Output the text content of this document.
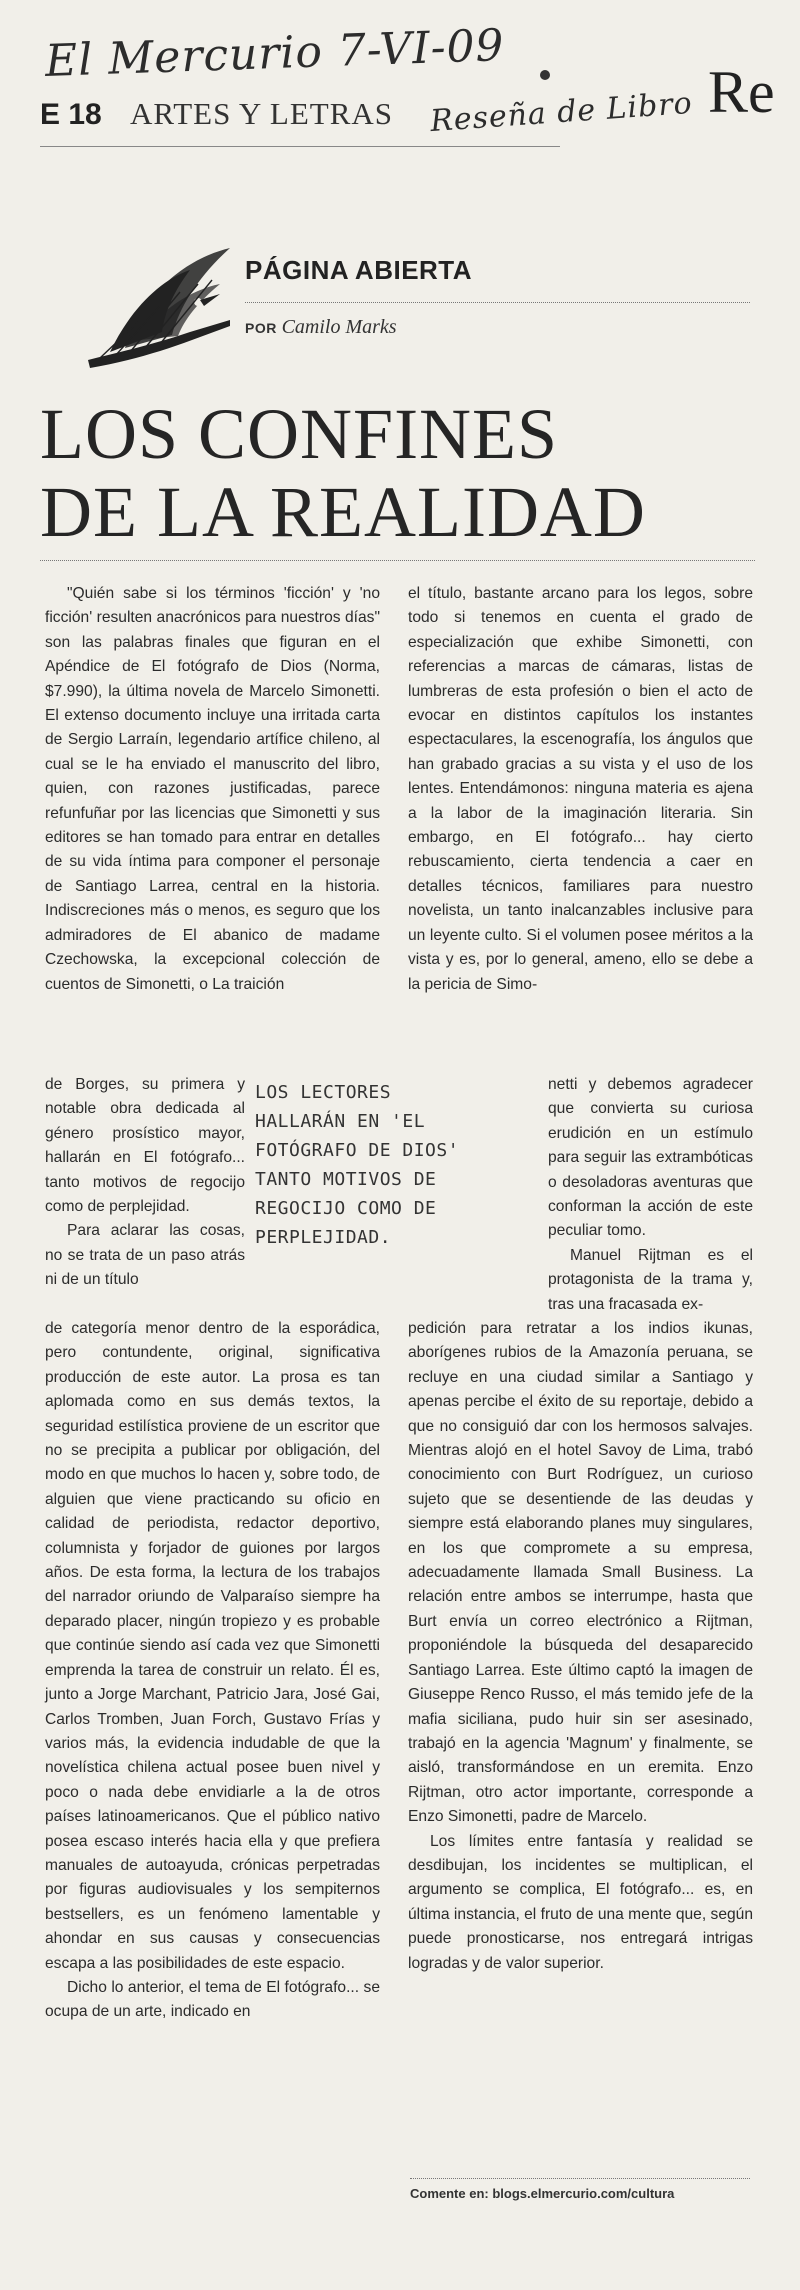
El Mercurio 7-VI-09
Re
E 18 ARTES Y LETRAS Reseña de Libro
PÁGINA ABIERTA
POR Camilo Marks
LOS CONFINES
DE LA REALIDAD

"Quién sabe si los términos 'ficción' y 'no ficción' resulten anacrónicos para nuestros días" son las palabras finales que figuran en el Apéndice de El fotógrafo de Dios (Norma, $7.990), la última novela de Marcelo Simonetti. El extenso documento incluye una irritada carta de Sergio Larraín, legendario artífice chileno, al cual se le ha enviado el manuscrito del libro, quien, con razones justificadas, parece refunfuñar por las licencias que Simonetti y sus editores se han tomado para entrar en detalles de su vida íntima para componer el personaje de Santiago Larrea, central en la historia. Indiscreciones más o menos, es seguro que los admiradores de El abanico de madame Czechowska, la excepcional colección de cuentos de Simonetti, o La traición

de Borges, su primera y notable obra dedicada al género prosístico mayor, hallarán en El fotógrafo... tanto motivos de regocijo como de perplejidad.

Para aclarar las cosas, no se trata de un paso atrás ni de un título

LOS LECTORES HALLARÁN EN 'EL FOTÓGRAFO DE DIOS' TANTO MOTIVOS DE REGOCIJO COMO DE PERPLEJIDAD.

de categoría menor dentro de la esporádica, pero contundente, original, significativa producción de este autor. La prosa es tan aplomada como en sus demás textos, la seguridad estilística proviene de un escritor que no se precipita a publicar por obligación, del modo en que muchos lo hacen y, sobre todo, de alguien que viene practicando su oficio en calidad de periodista, redactor deportivo, columnista y forjador de guiones por largos años. De esta forma, la lectura de los trabajos del narrador oriundo de Valparaíso siempre ha deparado placer, ningún tropiezo y es probable que continúe siendo así cada vez que Simonetti emprenda la tarea de construir un relato. Él es, junto a Jorge Marchant, Patricio Jara, José Gai, Carlos Tromben, Juan Forch, Gustavo Frías y varios más, la evidencia indudable de que la novelística chilena actual posee buen nivel y poco o nada debe envidiarle a la de otros países latinoamericanos. Que el público nativo posea escaso interés hacia ella y que prefiera manuales de autoayuda, crónicas perpetradas por figuras audiovisuales y los sempiternos bestsellers, es un fenómeno lamentable y ahondar en sus causas y consecuencias escapa a las posibilidades de este espacio.

Dicho lo anterior, el tema de El fotógrafo... se ocupa de un arte, indicado en

el título, bastante arcano para los legos, sobre todo si tenemos en cuenta el grado de especialización que exhibe Simonetti, con referencias a marcas de cámaras, listas de lumbreras de esta profesión o bien el acto de evocar en distintos capítulos los instantes espectaculares, la escenografía, los ángulos que han grabado gracias a su vista y el uso de los lentes. Entendámonos: ninguna materia es ajena a la labor de la imaginación literaria. Sin embargo, en El fotógrafo... hay cierto rebuscamiento, cierta tendencia a caer en detalles técnicos, familiares para nuestro novelista, un tanto inalcanzables inclusive para un leyente culto. Si el volumen posee méritos a la vista y es, por lo general, ameno, ello se debe a la pericia de Simo-

netti y debemos agradecer que convierta su curiosa erudición en un estímulo para seguir las extrambóticas o desoladoras aventuras que conforman la acción de este peculiar tomo.

Manuel Rijtman es el protagonista de la trama y, tras una fracasada ex-

pedición para retratar a los indios ikunas, aborígenes rubios de la Amazonía peruana, se recluye en una ciudad similar a Santiago y apenas percibe el éxito de su reportaje, debido a que no consiguió dar con los hermosos salvajes. Mientras alojó en el hotel Savoy de Lima, trabó conocimiento con Burt Rodríguez, un curioso sujeto que se desentiende de las deudas y siempre está elaborando planes muy singulares, en los que compromete a su empresa, adecuadamente llamada Small Business. La relación entre ambos se interrumpe, hasta que Burt envía un correo electrónico a Rijtman, proponiéndole la búsqueda del desaparecido Santiago Larrea. Este último captó la imagen de Giuseppe Renco Russo, el más temido jefe de la mafia siciliana, pudo huir sin ser asesinado, trabajó en la agencia 'Magnum' y finalmente, se aisló, transformándose en un eremita. Enzo Rijtman, otro actor importante, corresponde a Enzo Simonetti, padre de Marcelo.

Los límites entre fantasía y realidad se desdibujan, los incidentes se multiplican, el argumento se complica, El fotógrafo... es, en última instancia, el fruto de una mente que, según puede pronosticarse, nos entregará intrigas logradas y de valor superior.

Comente en: blogs.elmercurio.com/cultura
